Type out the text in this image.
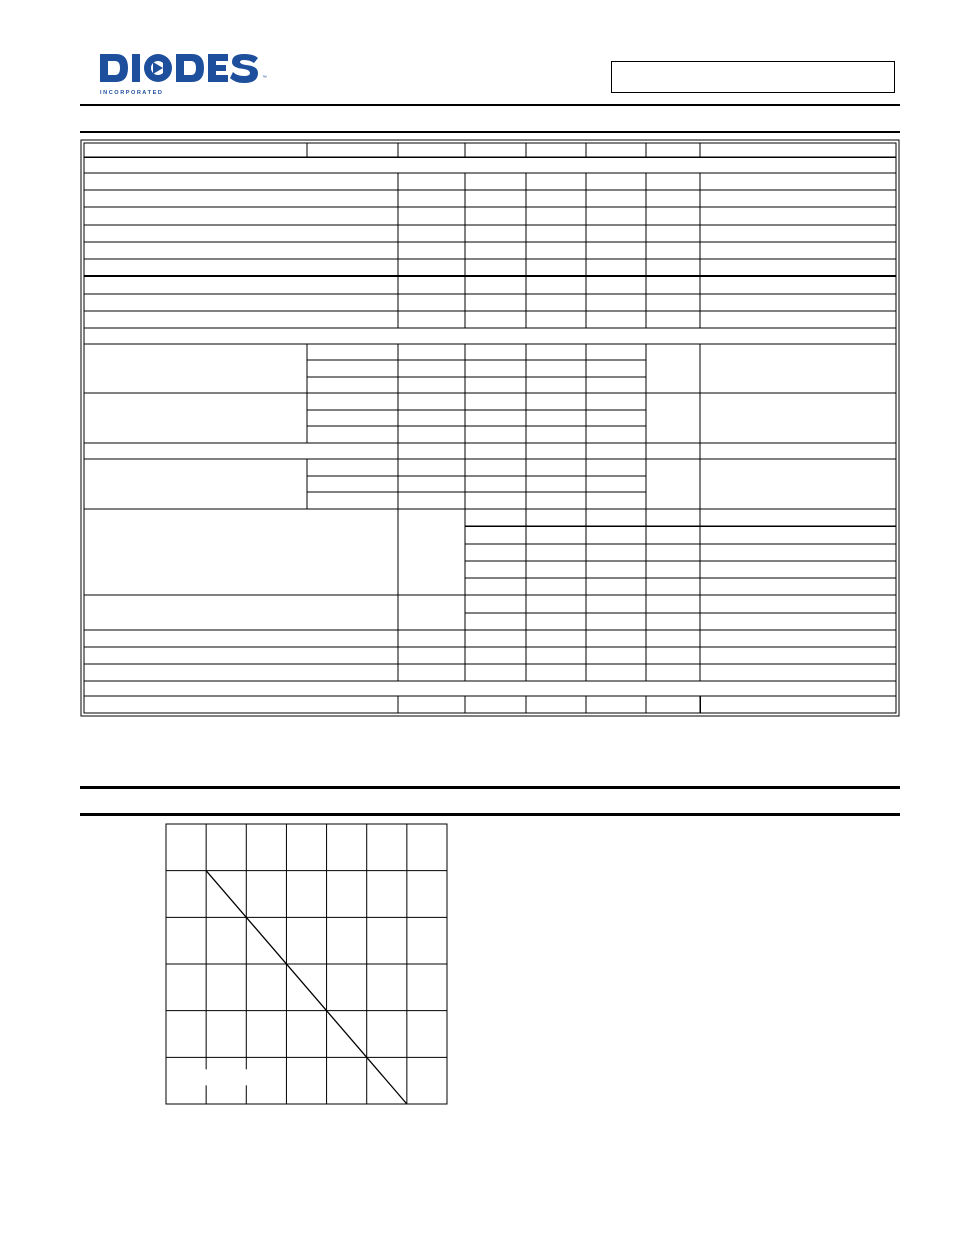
™
I N C O R P O R A T E D
